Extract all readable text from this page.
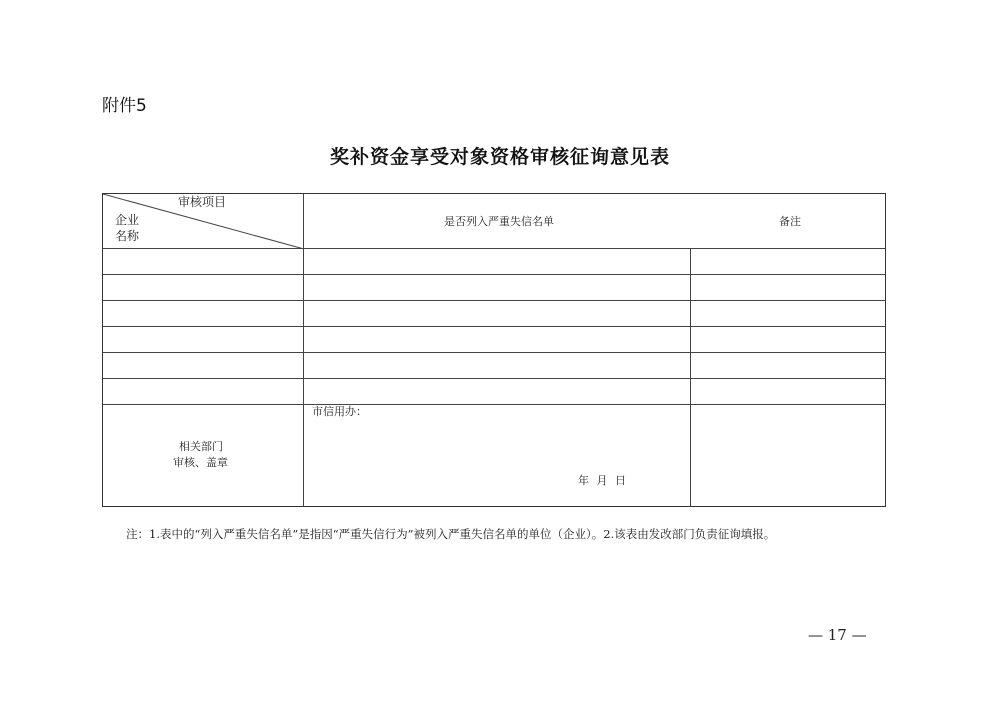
附件5
奖补资金享受对象资格审核征询意见表
审核项目
企业
名称
是否列入严重失信名单	备注
相关部门
审核、盖章
市信用办：
年 月 日
注：1.表中的“列入严重失信名单”是指因“严重失信行为”被列入严重失信名单的单位（企业）。2.该表由发改部门负责征询填报。
— 17 —
